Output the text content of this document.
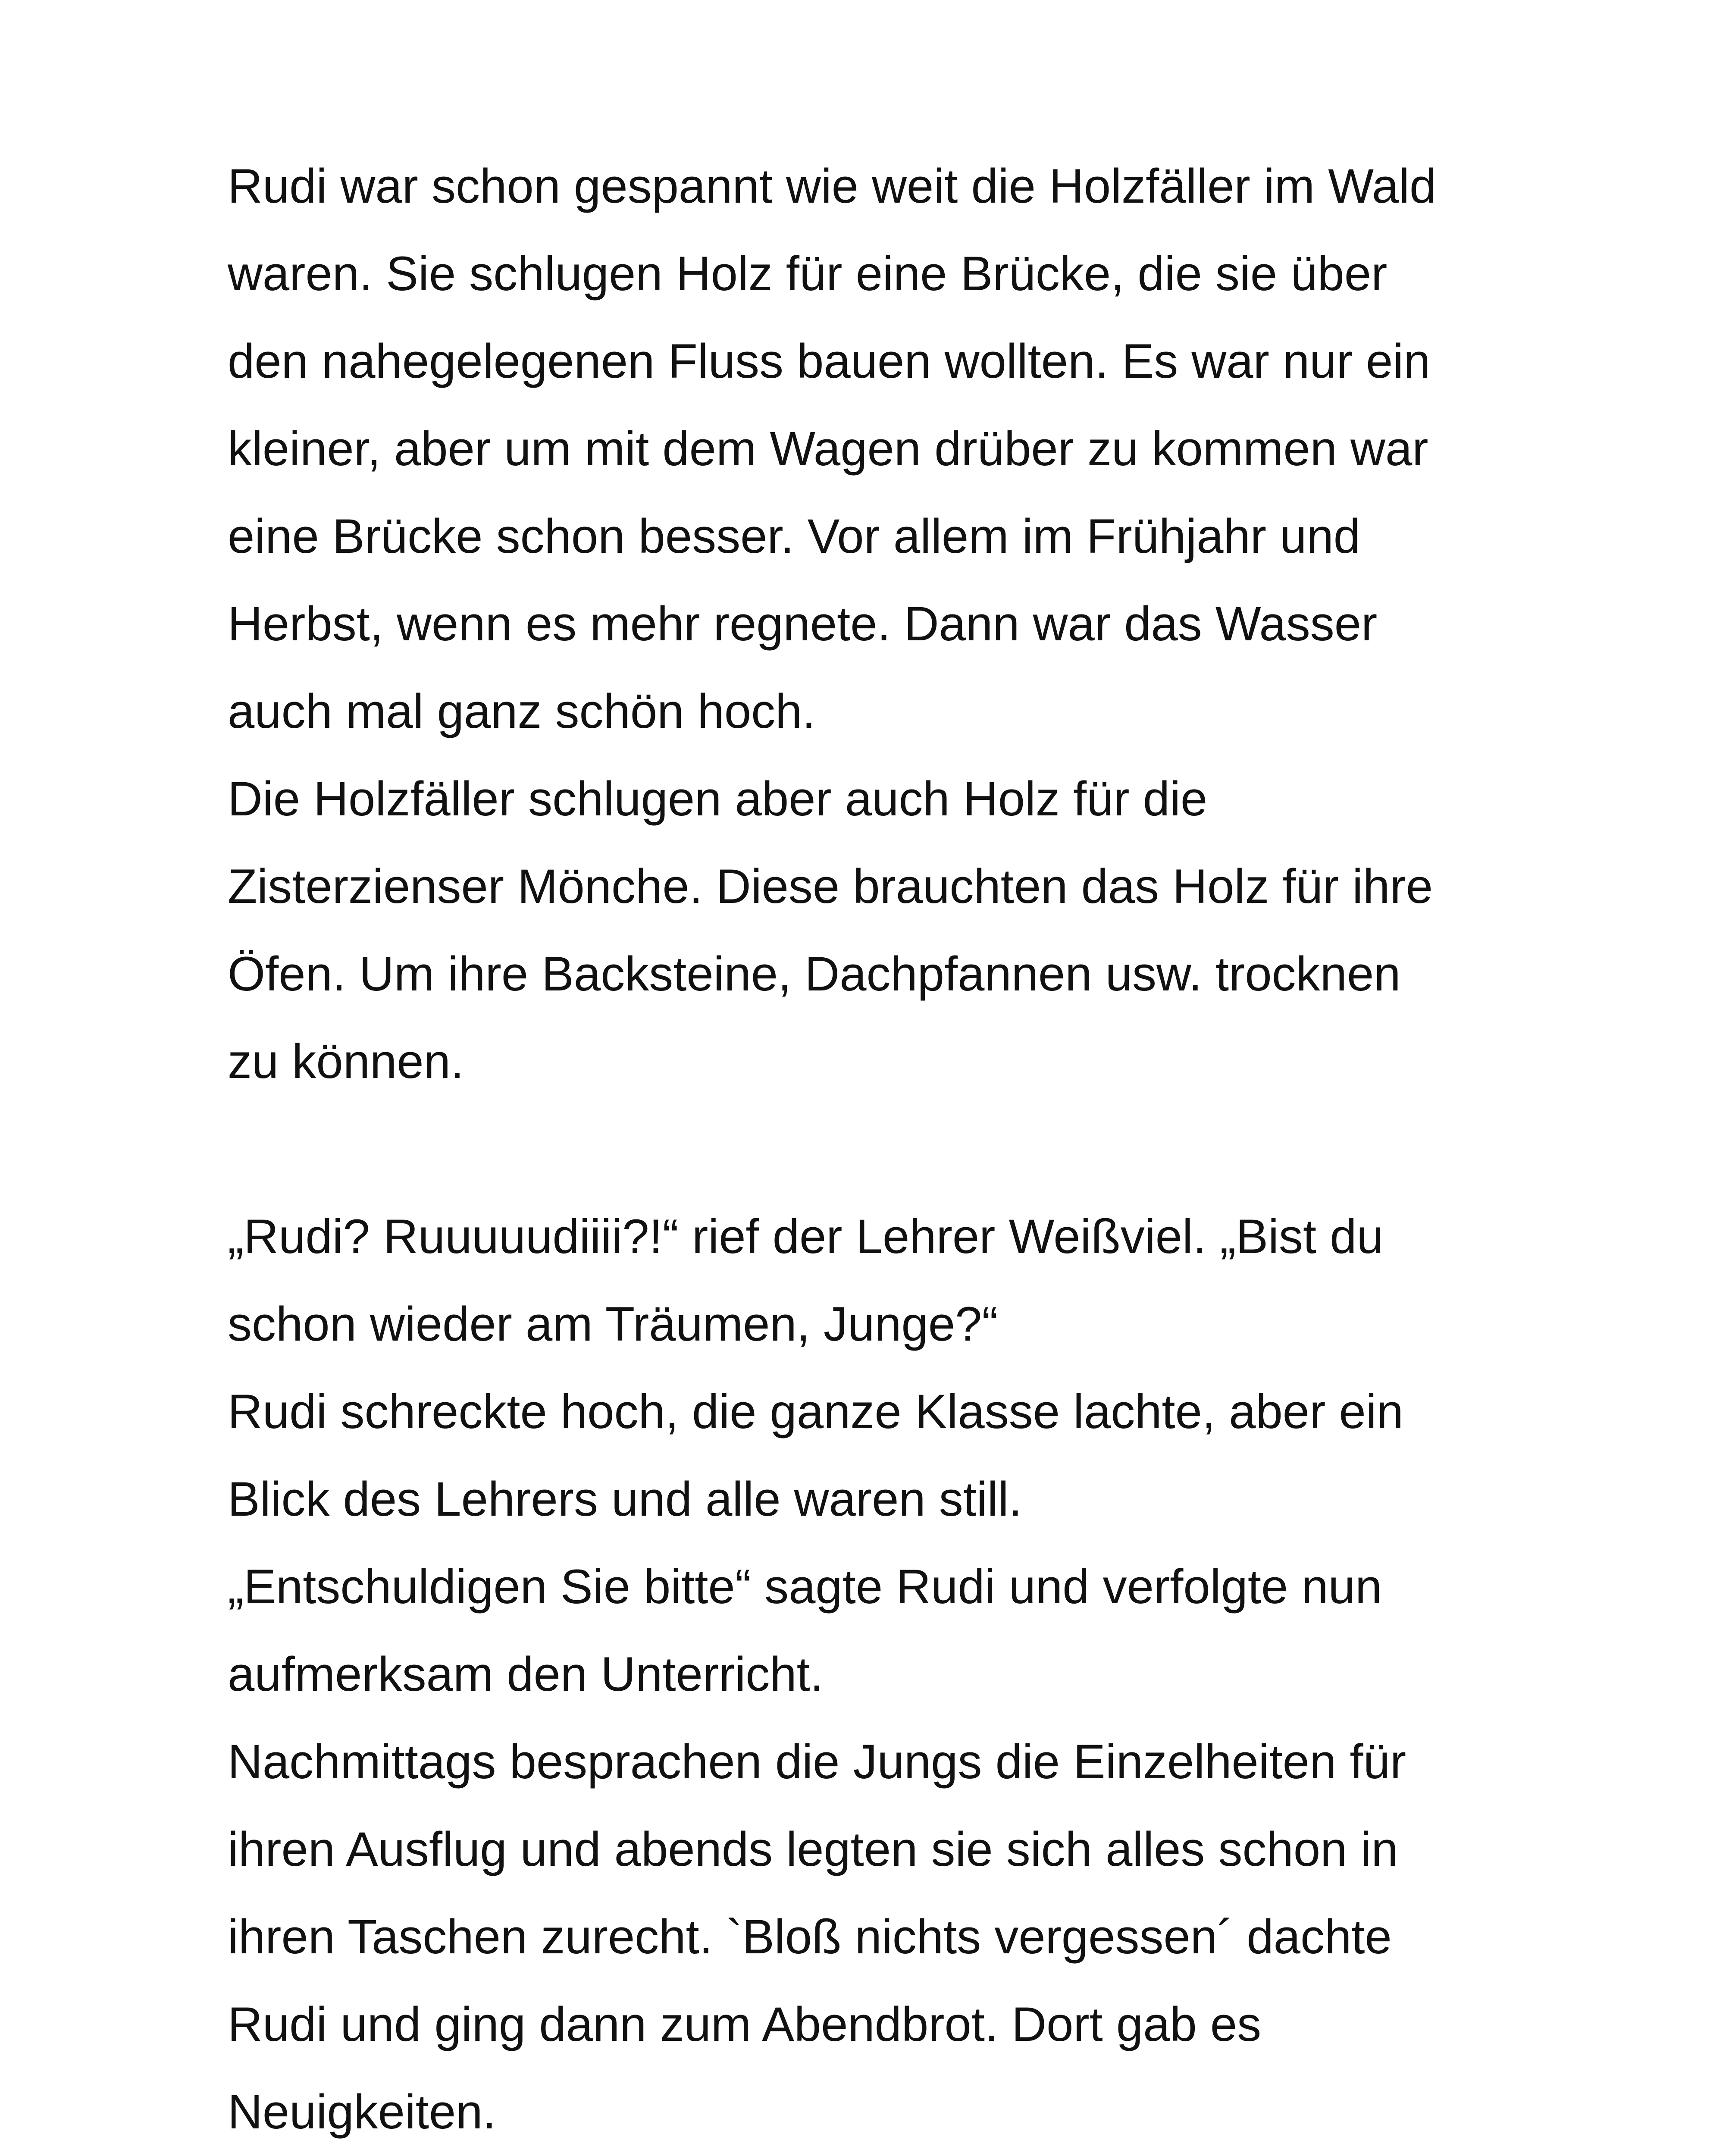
Rudi war schon gespannt wie weit die Holzfäller im Wald
waren. Sie schlugen Holz für eine Brücke, die sie über
den nahegelegenen Fluss bauen wollten. Es war nur ein
kleiner, aber um mit dem Wagen drüber zu kommen war
eine Brücke schon besser. Vor allem im Frühjahr und
Herbst, wenn es mehr regnete. Dann war das Wasser
auch mal ganz schön hoch.
Die Holzfäller schlugen aber auch Holz für die
Zisterzienser Mönche. Diese brauchten das Holz für ihre
Öfen. Um ihre Backsteine, Dachpfannen usw. trocknen
zu können.
„Rudi? Ruuuuudiiii?!“ rief der Lehrer Weißviel. „Bist du
schon wieder am Träumen, Junge?“
Rudi schreckte hoch, die ganze Klasse lachte, aber ein
Blick des Lehrers und alle waren still.
„Entschuldigen Sie bitte“ sagte Rudi und verfolgte nun
aufmerksam den Unterricht.
Nachmittags besprachen die Jungs die Einzelheiten für
ihren Ausflug und abends legten sie sich alles schon in
ihren Taschen zurecht. `Bloß nichts vergessen´ dachte
Rudi und ging dann zum Abendbrot. Dort gab es
Neuigkeiten.
